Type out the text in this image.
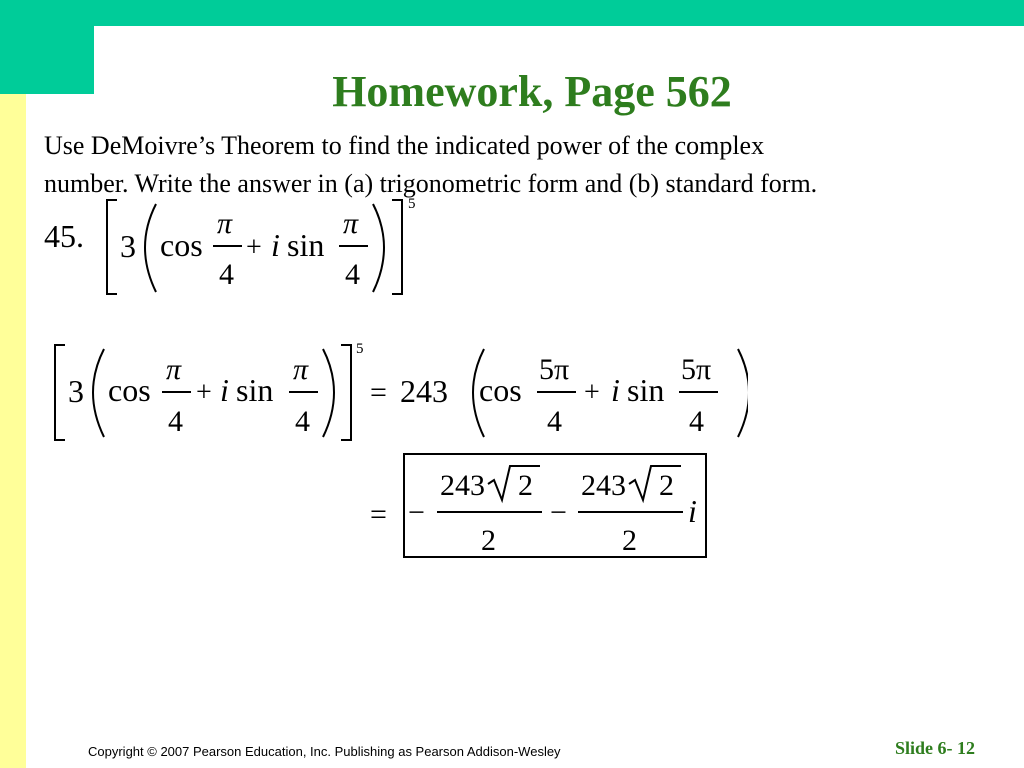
Homework, Page 562
Use DeMoivre’s Theorem to find the indicated power of the complex
number. Write the answer in (a) trigonometric form and (b) standard form.
45.
5
3 cos
π
4
+ i sin
π
4
5
3 cos
π
4
+ i sin
π
4
= 243 cos
5π
4
+ i sin
5π
4
= −
243 2
2
−
243 2
2
i
Copyright © 2007 Pearson Education, Inc. Publishing as Pearson Addison-Wesley	Slide 6- 12
